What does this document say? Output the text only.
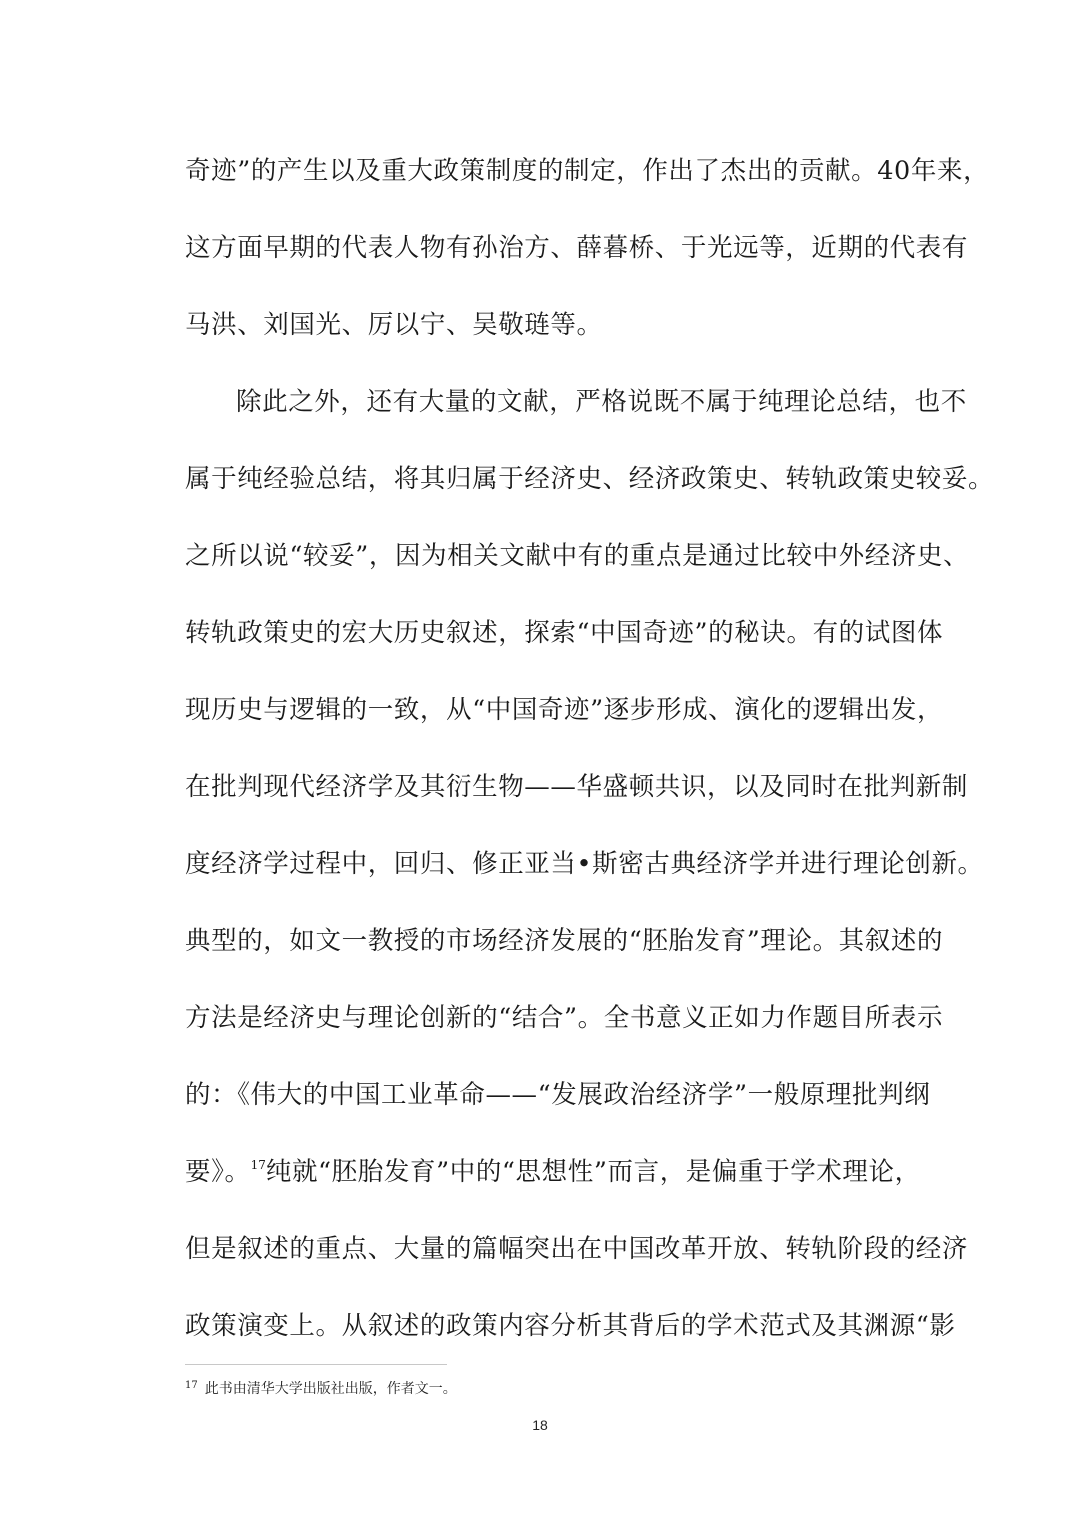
奇迹”的产生以及重大政策制度的制定，作出了杰出的贡献。40年来，
这方面早期的代表人物有孙治方、薛暮桥、于光远等，近期的代表有
马洪、刘国光、厉以宁、吴敬琏等。
除此之外，还有大量的文献，严格说既不属于纯理论总结，也不
属于纯经验总结，将其归属于经济史、经济政策史、转轨政策史较妥。
之所以说“较妥”，因为相关文献中有的重点是通过比较中外经济史、
转轨政策史的宏大历史叙述，探索“中国奇迹”的秘诀。有的试图体
现历史与逻辑的一致，从“中国奇迹”逐步形成、演化的逻辑出发，
在批判现代经济学及其衍生物——华盛顿共识，以及同时在批判新制
度经济学过程中，回归、修正亚当•斯密古典经济学并进行理论创新。
典型的，如文一教授的市场经济发展的“胚胎发育”理论。其叙述的
方法是经济史与理论创新的“结合”。全书意义正如力作题目所表示
的：《伟大的中国工业革命——“发展政治经济学”一般原理批判纲
要》。$^{17}$纯就“胚胎发育”中的“思想性”而言，是偏重于学术理论，
但是叙述的重点、大量的篇幅突出在中国改革开放、转轨阶段的经济
政策演变上。从叙述的政策内容分析其背后的学术范式及其渊源“影
$^{17}$ 此书由清华大学出版社出版，作者文一。
18
